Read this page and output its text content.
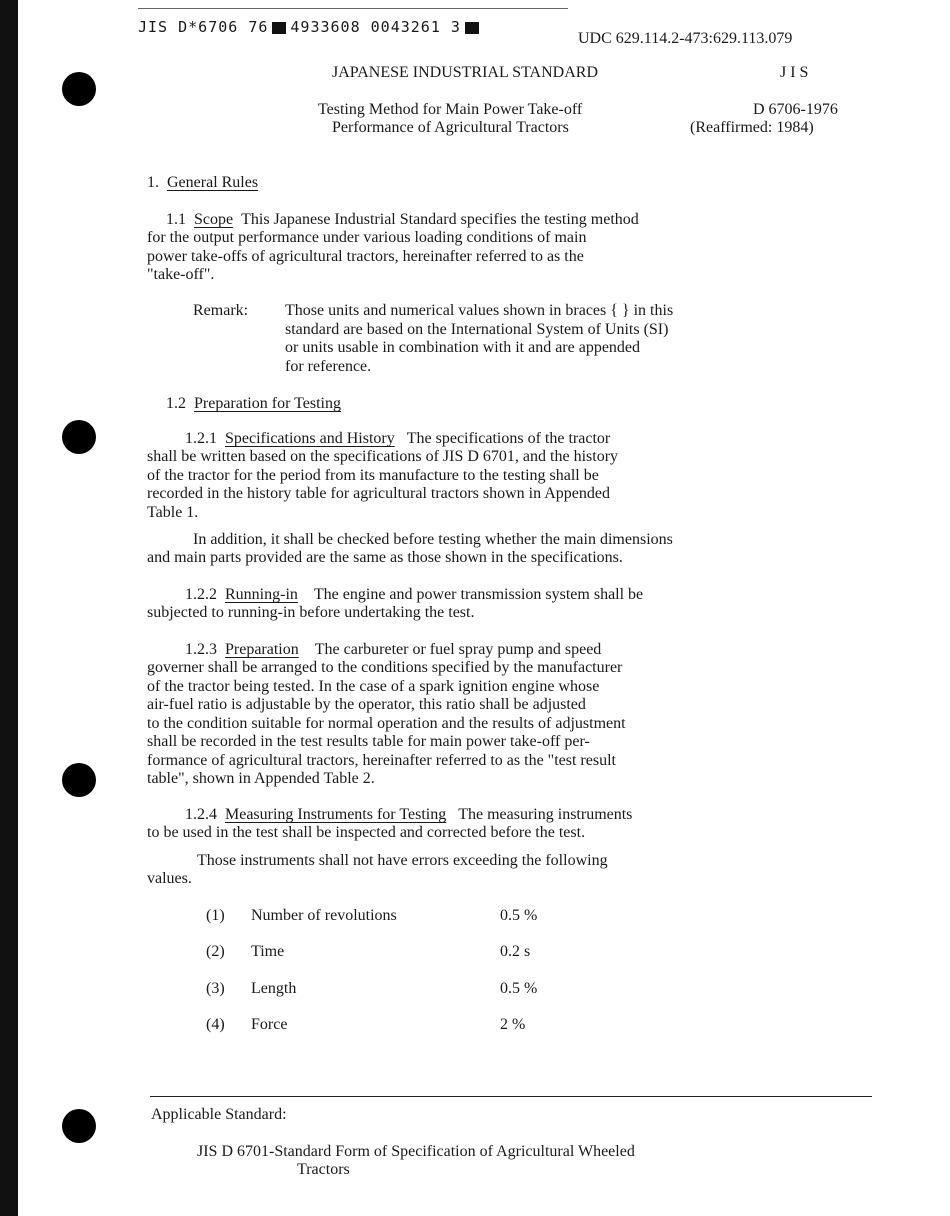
JIS D*6706 76 4933608 0043261 3
UDC 629.114.2-473:629.113.079
JAPANESE INDUSTRIAL STANDARD	J I S
Testing Method for Main Power Take-off
Performance of Agricultural Tractors
D 6706-1976
(Reaffirmed: 1984)
1. General Rules
1.1 Scope This Japanese Industrial Standard specifies the testing method
for the output performance under various loading conditions of main
power take-offs of agricultural tractors, hereinafter referred to as the
"take-off".
Remark: Those units and numerical values shown in braces { } in this
standard are based on the International System of Units (SI)
or units usable in combination with it and are appended
for reference.
1.2 Preparation for Testing
1.2.1 Specifications and History The specifications of the tractor
shall be written based on the specifications of JIS D 6701, and the history
of the tractor for the period from its manufacture to the testing shall be
recorded in the history table for agricultural tractors shown in Appended
Table 1.
In addition, it shall be checked before testing whether the main dimensions
and main parts provided are the same as those shown in the specifications.
1.2.2 Running-in The engine and power transmission system shall be
subjected to running-in before undertaking the test.
1.2.3 Preparation The carbureter or fuel spray pump and speed
governer shall be arranged to the conditions specified by the manufacturer
of the tractor being tested. In the case of a spark ignition engine whose
air-fuel ratio is adjustable by the operator, this ratio shall be adjusted
to the condition suitable for normal operation and the results of adjustment
shall be recorded in the test results table for main power take-off per-
formance of agricultural tractors, hereinafter referred to as the "test result
table", shown in Appended Table 2.
1.2.4 Measuring Instruments for Testing The measuring instruments
to be used in the test shall be inspected and corrected before the test.
Those instruments shall not have errors exceeding the following
values.
(1) Number of revolutions	0.5 %
(2) Time	0.2 s
(3) Length	0.5 %
(4) Force	2 %
Applicable Standard:
JIS D 6701-Standard Form of Specification of Agricultural Wheeled
Tractors
